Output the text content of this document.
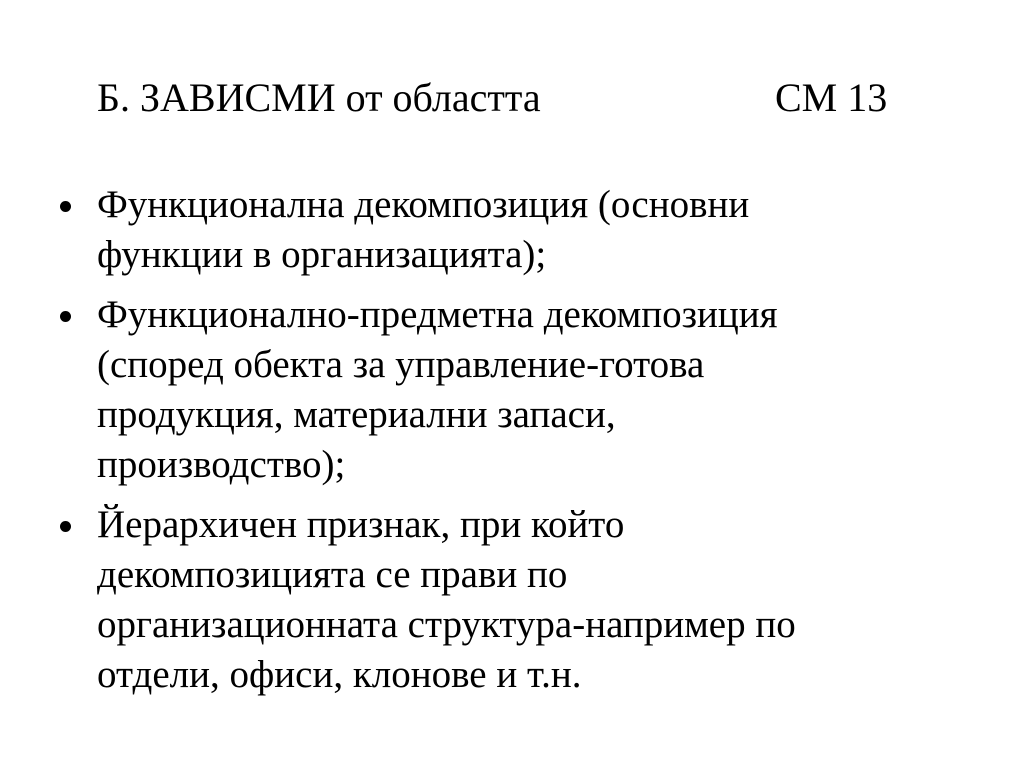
Б. ЗАВИСМИ от областта	СМ 13
Функционална декомпозиция (основни
функции в организацията);
Функционално-предметна декомпозиция
(според обекта за управление-готова
продукция, материални запаси,
производство);
Йерархичен признак, при който
декомпозицията се прави по
организационната структура-например по
отдели, офиси, клонове и т.н.
